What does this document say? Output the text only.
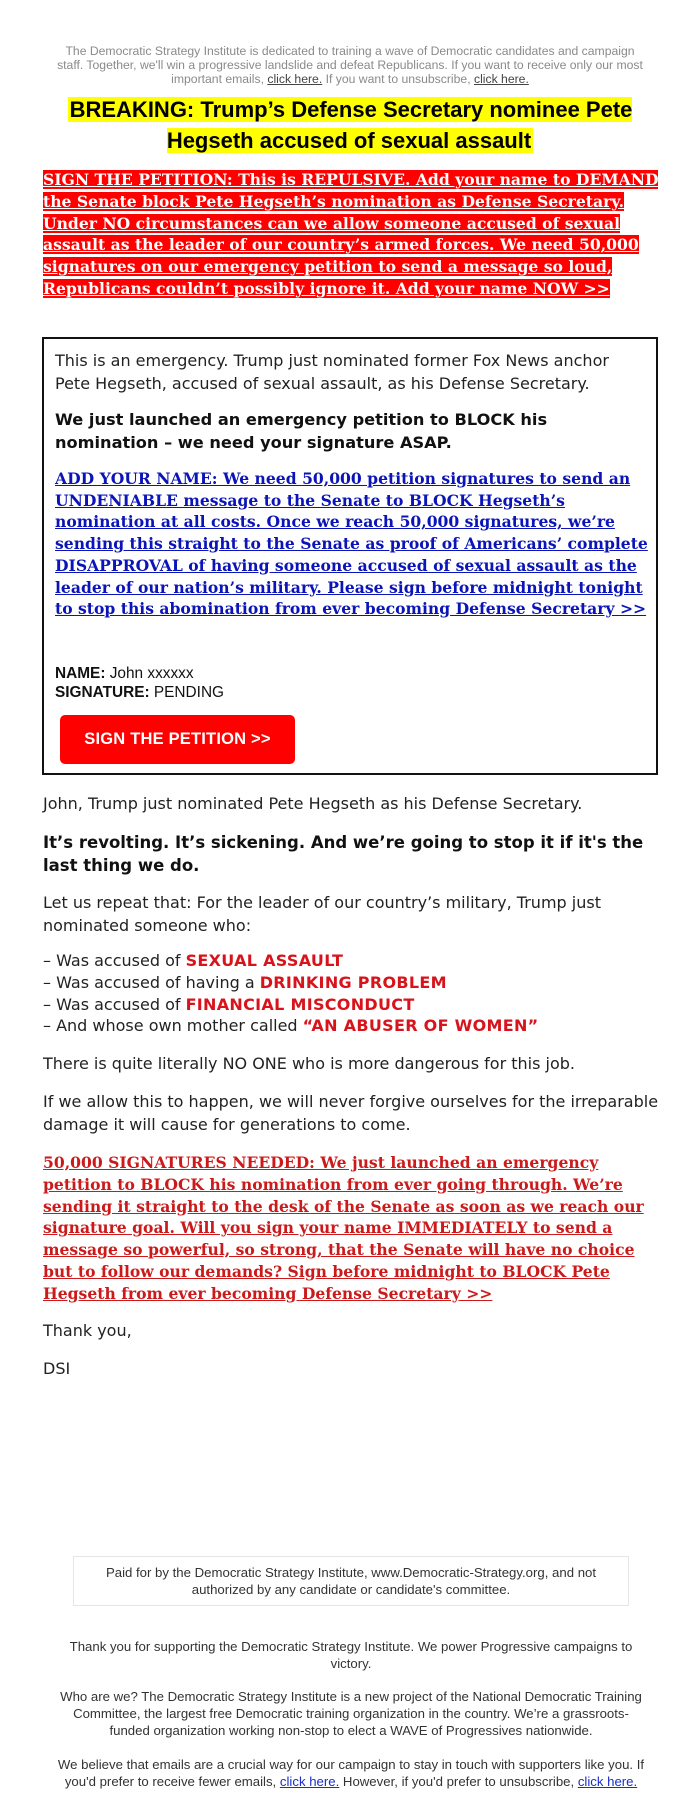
The Democratic Strategy Institute is dedicated to training a wave of Democratic candidates and campaign staff. Together, we'll win a progressive landslide and defeat Republicans. If you want to receive only our most important emails, click here. If you want to unsubscribe, click here.
BREAKING: Trump’s Defense Secretary nominee Pete Hegseth accused of sexual assault
SIGN THE PETITION: This is REPULSIVE. Add your name to DEMAND the Senate block Pete Hegseth’s nomination as Defense Secretary. Under NO circumstances can we allow someone accused of sexual assault as the leader of our country’s armed forces. We need 50,000 signatures on our emergency petition to send a message so loud, Republicans couldn’t possibly ignore it. Add your name NOW >>
This is an emergency. Trump just nominated former Fox News anchor Pete Hegseth, accused of sexual assault, as his Defense Secretary.
We just launched an emergency petition to BLOCK his nomination – we need your signature ASAP.
ADD YOUR NAME: We need 50,000 petition signatures to send an UNDENIABLE message to the Senate to BLOCK Hegseth’s nomination at all costs. Once we reach 50,000 signatures, we’re sending this straight to the Senate as proof of Americans’ complete DISAPPROVAL of having someone accused of sexual assault as the leader of our nation’s military. Please sign before midnight tonight to stop this abomination from ever becoming Defense Secretary >>
NAME: John xxxxxx
SIGNATURE: PENDING
SIGN THE PETITION >>
John, Trump just nominated Pete Hegseth as his Defense Secretary.
It’s revolting. It’s sickening. And we’re going to stop it if it's the last thing we do.
Let us repeat that: For the leader of our country’s military, Trump just nominated someone who:
– Was accused of SEXUAL ASSAULT
– Was accused of having a DRINKING PROBLEM
– Was accused of FINANCIAL MISCONDUCT
– And whose own mother called “AN ABUSER OF WOMEN”
There is quite literally NO ONE who is more dangerous for this job.
If we allow this to happen, we will never forgive ourselves for the irreparable damage it will cause for generations to come.
50,000 SIGNATURES NEEDED: We just launched an emergency petition to BLOCK his nomination from ever going through. We’re sending it straight to the desk of the Senate as soon as we reach our signature goal. Will you sign your name IMMEDIATELY to send a message so powerful, so strong, that the Senate will have no choice but to follow our demands? Sign before midnight to BLOCK Pete Hegseth from ever becoming Defense Secretary >>
Thank you,
DSI
Paid for by the Democratic Strategy Institute, www.Democratic-Strategy.org, and not authorized by any candidate or candidate's committee.
Thank you for supporting the Democratic Strategy Institute. We power Progressive campaigns to victory.
Who are we? The Democratic Strategy Institute is a new project of the National Democratic Training Committee, the largest free Democratic training organization in the country. We’re a grassroots-funded organization working non-stop to elect a WAVE of Progressives nationwide.
We believe that emails are a crucial way for our campaign to stay in touch with supporters like you. If you'd prefer to receive fewer emails, click here. However, if you'd prefer to unsubscribe, click here.
